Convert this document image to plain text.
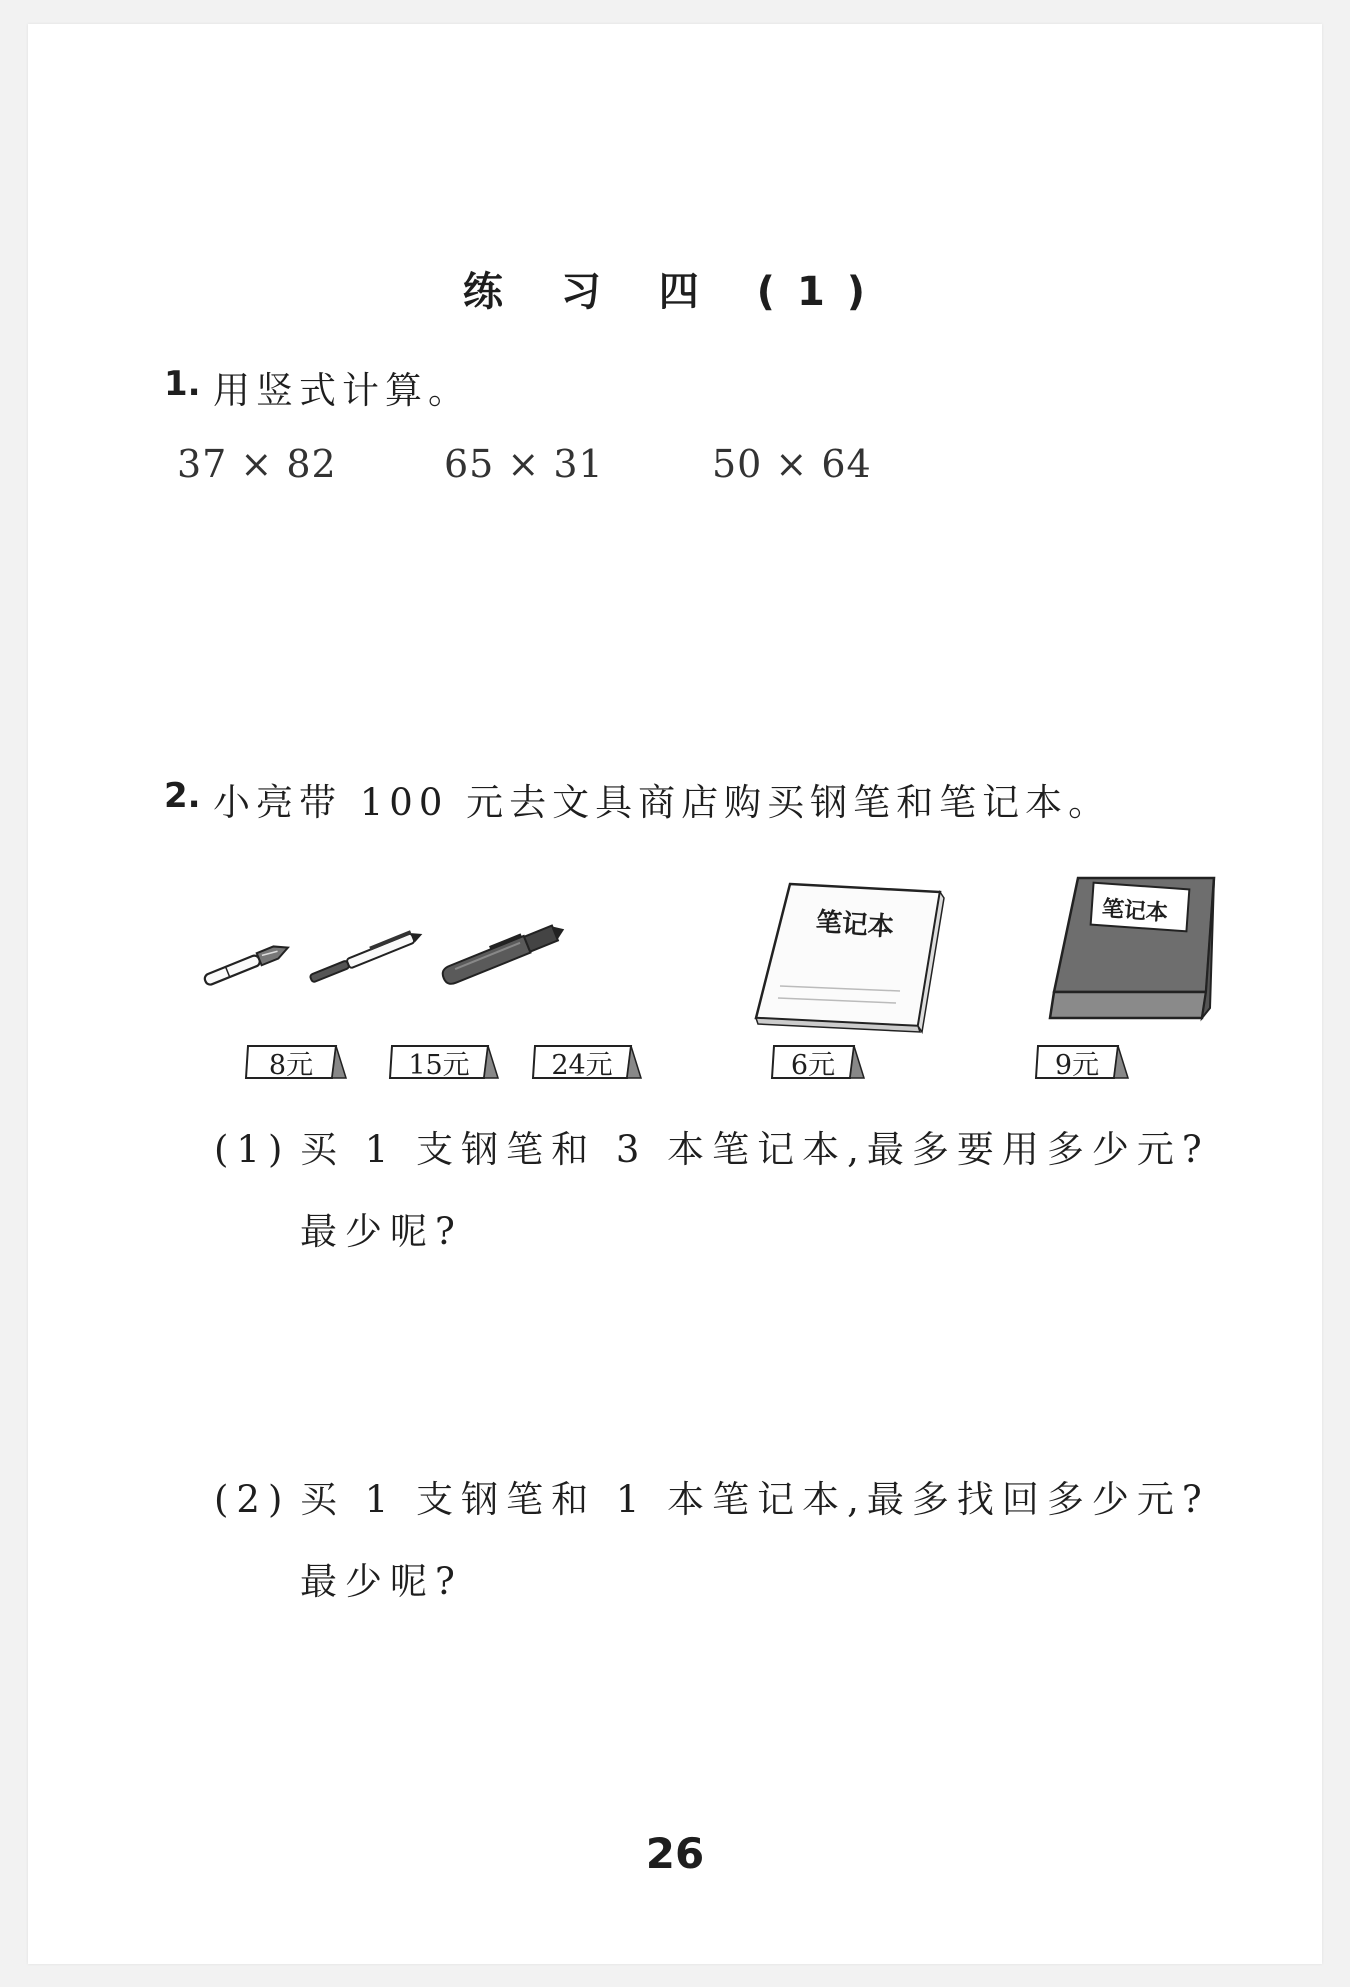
练 习 四 (1)
1. 用竖式计算。
37 × 82	65 × 31	50 × 64
2. 小亮带 100 元去文具商店购买钢笔和笔记本。
笔记本	笔记本
8元	15元	24元	6元	9元
(1) 买 1 支钢笔和 3 本笔记本,最多要用多少元?
最少呢?
(2) 买 1 支钢笔和 1 本笔记本,最多找回多少元?
最少呢?
26
